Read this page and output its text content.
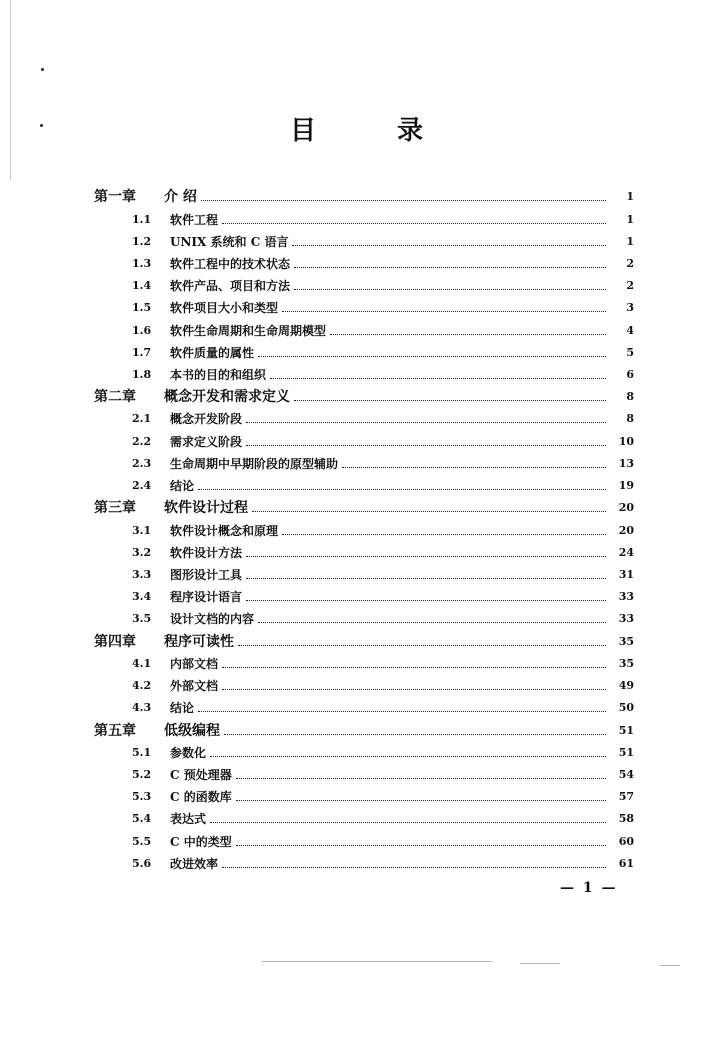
目 录
第一章	介 绍	1
1.1	软件工程	1
1.2	UNIX 系统和 C 语言	1
1.3	软件工程中的技术状态	2
1.4	软件产品、项目和方法	2
1.5	软件项目大小和类型	3
1.6	软件生命周期和生命周期模型	4
1.7	软件质量的属性	5
1.8	本书的目的和组织	6
第二章	概念开发和需求定义	8
2.1	概念开发阶段	8
2.2	需求定义阶段	10
2.3	生命周期中早期阶段的原型辅助	13
2.4	结论	19
第三章	软件设计过程	20
3.1	软件设计概念和原理	20
3.2	软件设计方法	24
3.3	图形设计工具	31
3.4	程序设计语言	33
3.5	设计文档的内容	33
第四章	程序可读性	35
4.1	内部文档	35
4.2	外部文档	49
4.3	结论	50
第五章	低级编程	51
5.1	参数化	51
5.2	C 预处理器	54
5.3	C 的函数库	57
5.4	表达式	58
5.5	C 中的类型	60
5.6	改进效率	61
— 1 —
